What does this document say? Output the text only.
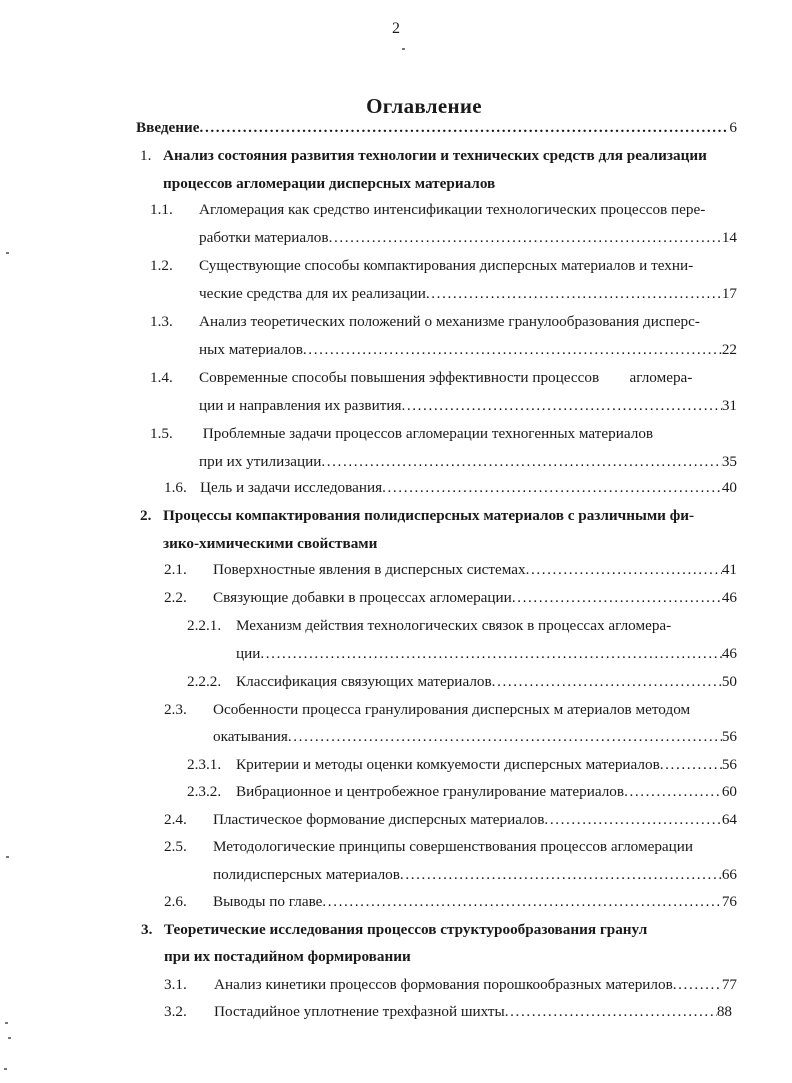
2
Оглавление
Введение .....	6
1. Анализ состояния развития технологии и технических средств для реализации
процессов агломерации дисперсных материалов
1.1. Агломерация как средство интенсификации технологических процессов пере-
работки материалов .....	14
1.2. Существующие способы компактирования дисперсных материалов и техни-
ческие средства для их реализации .....	17
1.3. Анализ теоретических положений о механизме гранулообразования дисперс-
ных материалов .....	22
1.4. Современные способы повышения эффективности процессов        агломера-
ции и направления их развития .....	31
1.5. Проблемные задачи процессов агломерации техногенных материалов
при их утилизации .....	35
1.6. Цель и задачи исследования .....	40
2. Процессы компактирования полидисперсных материалов с различными фи-
зико-химическими свойствами
2.1. Поверхностные явления в дисперсных системах .....	41
2.2. Связующие добавки в процессах агломерации .....	46
2.2.1. Механизм действия технологических связок в процессах агломера-
ции .....	46
2.2.2. Классификация связующих материалов .....	50
2.3. Особенности процесса гранулирования дисперсных м атериалов методом
окатывания .....	56
2.3.1. Критерии и методы оценки комкуемости дисперсных материалов .....	56
2.3.2. Вибрационное и центробежное гранулирование материалов .....	60
2.4. Пластическое формование дисперсных материалов .....	64
2.5. Методологические принципы совершенствования процессов агломерации
полидисперсных материалов .....	66
2.6. Выводы по главе .....	76
3. Теоретические исследования процессов структурообразования гранул
при их постадийном формировании
3.1. Анализ кинетики процессов формования порошкообразных материлов .....	77
3.2. Постадийное уплотнение трехфазной шихты .....	88
